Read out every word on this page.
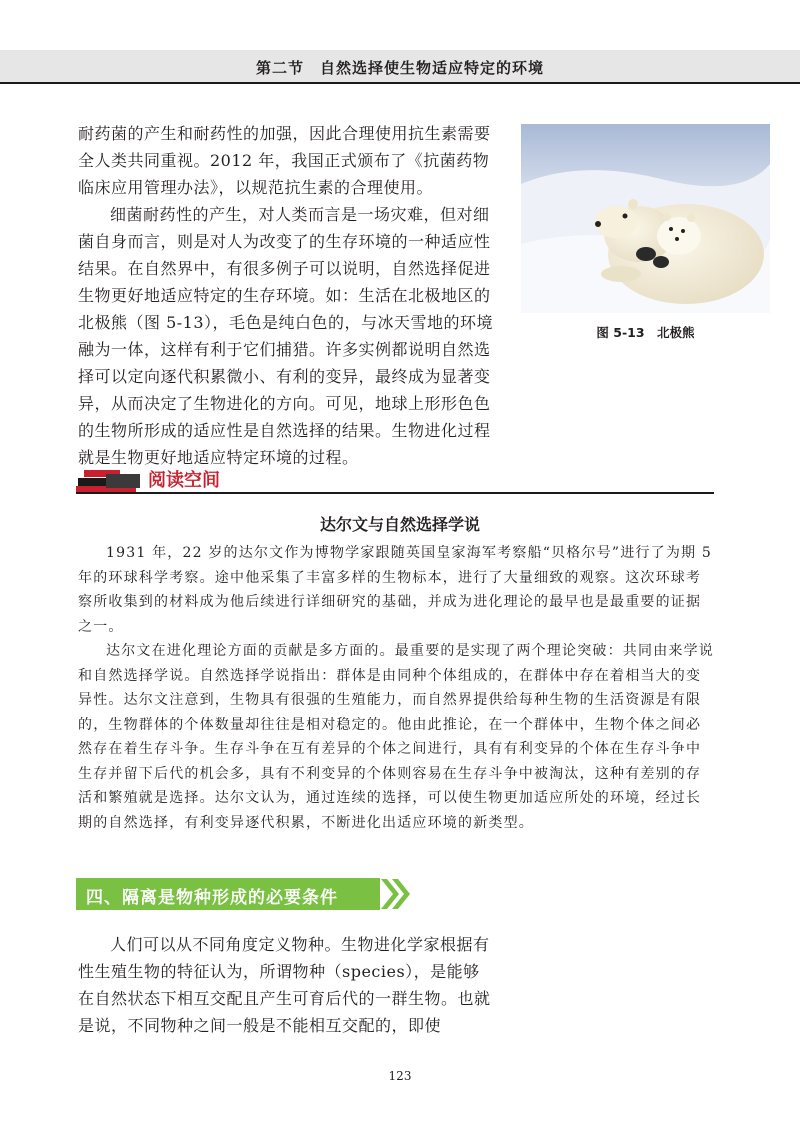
第二节　自然选择使生物适应特定的环境

耐药菌的产生和耐药性的加强，因此合理使用抗生素需要全人类共同重视。2012 年，我国正式颁布了《抗菌药物临床应用管理办法》，以规范抗生素的合理使用。

细菌耐药性的产生，对人类而言是一场灾难，但对细菌自身而言，则是对人为改变了的生存环境的一种适应性结果。在自然界中，有很多例子可以说明，自然选择促进生物更好地适应特定的生存环境。如：生活在北极地区的北极熊（图 5-13），毛色是纯白色的，与冰天雪地的环境融为一体，这样有利于它们捕猎。许多实例都说明自然选择可以定向逐代积累微小、有利的变异，最终成为显著变异，从而决定了生物进化的方向。可见，地球上形形色色的生物所形成的适应性是自然选择的结果。生物进化过程就是生物更好地适应特定环境的过程。

图 5-13　北极熊
阅读空间
达尔文与自然选择学说

1931 年，22 岁的达尔文作为博物学家跟随英国皇家海军考察船“贝格尔号”进行了为期 5 年的环球科学考察。途中他采集了丰富多样的生物标本，进行了大量细致的观察。这次环球考察所收集到的材料成为他后续进行详细研究的基础，并成为进化理论的最早也是最重要的证据之一。

达尔文在进化理论方面的贡献是多方面的。最重要的是实现了两个理论突破：共同由来学说和自然选择学说。自然选择学说指出：群体是由同种个体组成的，在群体中存在着相当大的变异性。达尔文注意到，生物具有很强的生殖能力，而自然界提供给每种生物的生活资源是有限的，生物群体的个体数量却往往是相对稳定的。他由此推论，在一个群体中，生物个体之间必然存在着生存斗争。生存斗争在互有差异的个体之间进行，具有有利变异的个体在生存斗争中生存并留下后代的机会多，具有不利变异的个体则容易在生存斗争中被淘汰，这种有差别的存活和繁殖就是选择。达尔文认为，通过连续的选择，可以使生物更加适应所处的环境，经过长期的自然选择，有利变异逐代积累，不断进化出适应环境的新类型。

四、隔离是物种形成的必要条件

人们可以从不同角度定义物种。生物进化学家根据有性生殖生物的特征认为，所谓物种（species），是能够在自然状态下相互交配且产生可育后代的一群生物。也就是说，不同物种之间一般是不能相互交配的，即使

123
